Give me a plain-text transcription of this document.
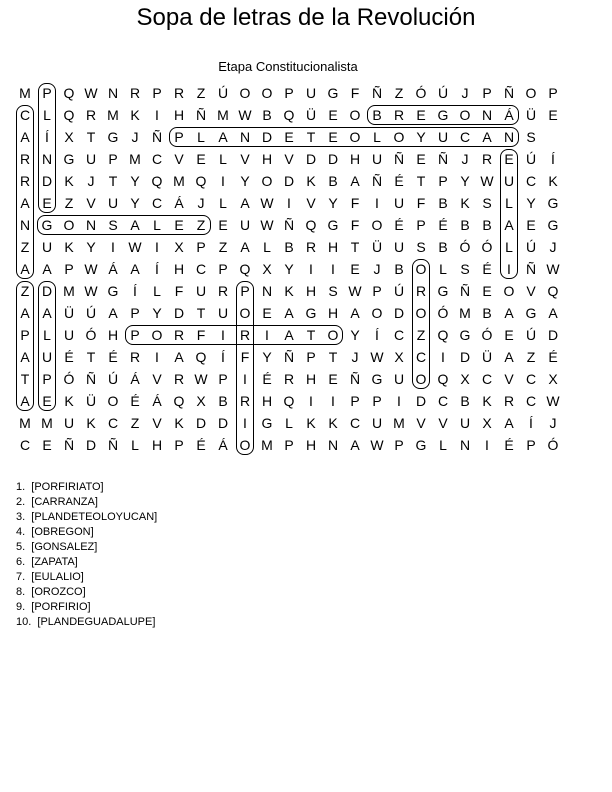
Sopa de letras de la Revolución
Etapa Constitucionalista
M P Q W N R P R Z Ú O O P U G F Ñ Z Ó Ú J P Ñ O P
C L Q R M K	I	H Ñ M W B Q Ü E O B R E G O N Á Ü E
A	Í	X T G J Ñ P L A N D E T E O L O Y U C A N S
R N G U P M C V E L V H V D D H U Ñ E Ñ J R E Ú	Í
R D K J	T Y Q M Q	I	Y O D K B A Ñ É T P Y W U C K
A E Z V U Y C Á J	L A W I	V Y F	I	U F B K S L Y G
N G O N S A L E Z E U W Ñ Q G F O É P É B B A E G
Z U K Y	I W I	X P Z A L B R H T Ü U S B Ó Ó L Ú J
A A P W Á A	Í	H C P Q X Y	I	I	E J B O L S É	I	Ñ W
Z D M W G	Í	L F U R P N K H S W P Ú R G Ñ E O V Q
A A Ü Ú A P Y D T U O E A G H A O D O Ó M B A G A
P L U Ó H P O R F	I	R	I	A T O Y	Í	C Z Q G Ó E Ú D
A U É T É R	I	A Q	Í	F Y Ñ P T	J W X C	I	D Ü A Z É
T P Ó Ñ Ú Á V R W P	I	É R H E Ñ G U O Q X C V C X
A E K Ü O É Á Q X B R H Q	I	I	P P	I	D C B K R C W
M M U K C Z V K D D	I	G L K K C U M V V U X A	Í	J
C E Ñ D Ñ L H P É Á O M P H N A W P G L N	I	É P Ó
1.  [PORFIRIATO]
2.  [CARRANZA]
3.  [PLANDETEOLOYUCAN]
4.  [OBREGON]
5.  [GONSALEZ]
6.  [ZAPATA]
7.  [EULALIO]
8.  [OROZCO]
9.  [PORFIRIO]
10.  [PLANDEGUADALUPE]
